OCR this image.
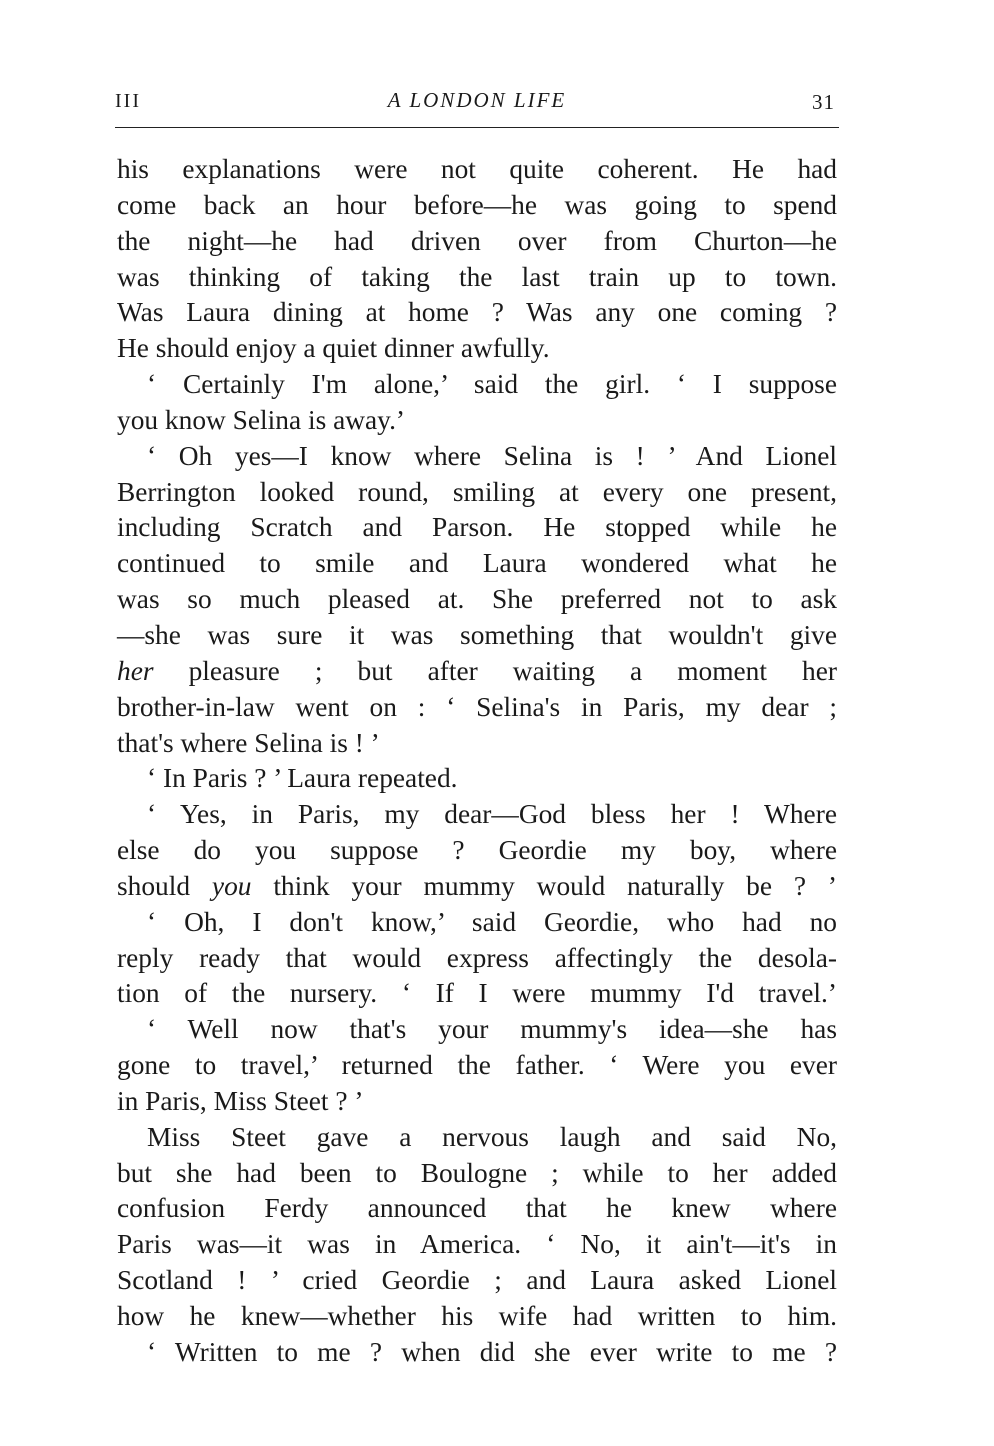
III	A LONDON LIFE	31
his explanations were not quite coherent. He had
come back an hour before—he was going to spend
the night—he had driven over from Churton—he
was thinking of taking the last train up to town.
Was Laura dining at home ? Was any one coming ?
He should enjoy a quiet dinner awfully.
‘ Certainly I'm alone,’ said the girl. ‘ I suppose
you know Selina is away.’
‘ Oh yes—I know where Selina is ! ’ And Lionel
Berrington looked round, smiling at every one present,
including Scratch and Parson. He stopped while he
continued to smile and Laura wondered what he
was so much pleased at. She preferred not to ask
—she was sure it was something that wouldn't give
her pleasure ; but after waiting a moment her
brother-in-law went on : ‘ Selina's in Paris, my dear ;
that's where Selina is ! ’
‘ In Paris ? ’ Laura repeated.
‘ Yes, in Paris, my dear—God bless her ! Where
else do you suppose ? Geordie my boy, where
should you think your mummy would naturally be ? ’
‘ Oh, I don't know,’ said Geordie, who had no
reply ready that would express affectingly the desola-
tion of the nursery. ‘ If I were mummy I'd travel.’
‘ Well now that's your mummy's idea—she has
gone to travel,’ returned the father. ‘ Were you ever
in Paris, Miss Steet ? ’
Miss Steet gave a nervous laugh and said No,
but she had been to Boulogne ; while to her added
confusion Ferdy announced that he knew where
Paris was—it was in America. ‘ No, it ain't—it's in
Scotland ! ’ cried Geordie ; and Laura asked Lionel
how he knew—whether his wife had written to him.
‘ Written to me ? when did she ever write to me ?
